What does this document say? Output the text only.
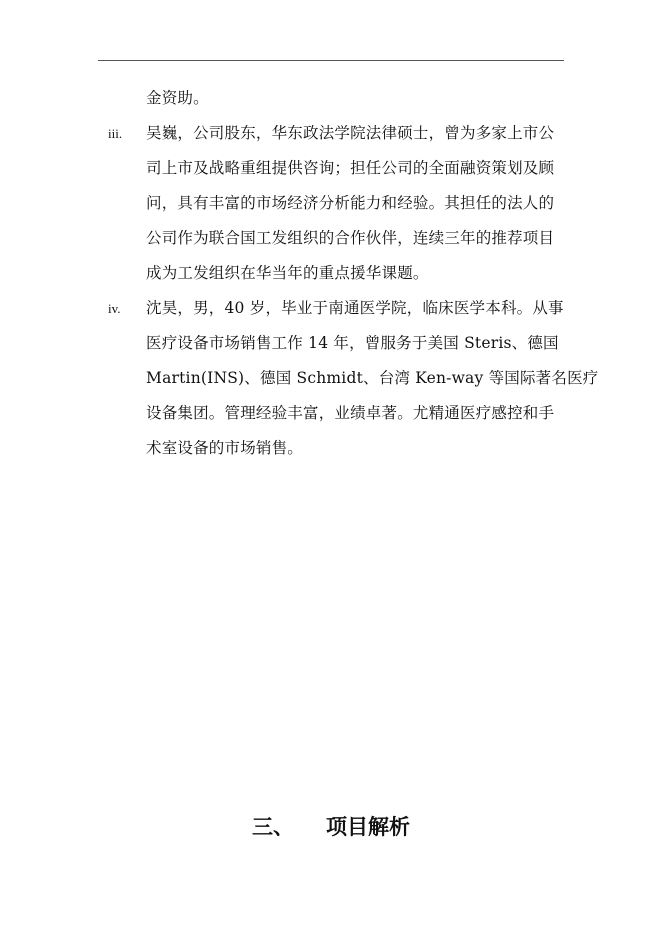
金资助。
iii. 吴巍，公司股东，华东政法学院法律硕士，曾为多家上市公
司上市及战略重组提供咨询；担任公司的全面融资策划及顾
问，具有丰富的市场经济分析能力和经验。其担任的法人的
公司作为联合国工发组织的合作伙伴，连续三年的推荐项目
成为工发组织在华当年的重点援华课题。
iv. 沈昊，男，40 岁，毕业于南通医学院，临床医学本科。从事
医疗设备市场销售工作 14 年，曾服务于美国 Steris、德国
Martin(INS)、德国 Schmidt、台湾 Ken-way 等国际著名医疗
设备集团。管理经验丰富，业绩卓著。尤精通医疗感控和手
术室设备的市场销售。
三、 项目解析
